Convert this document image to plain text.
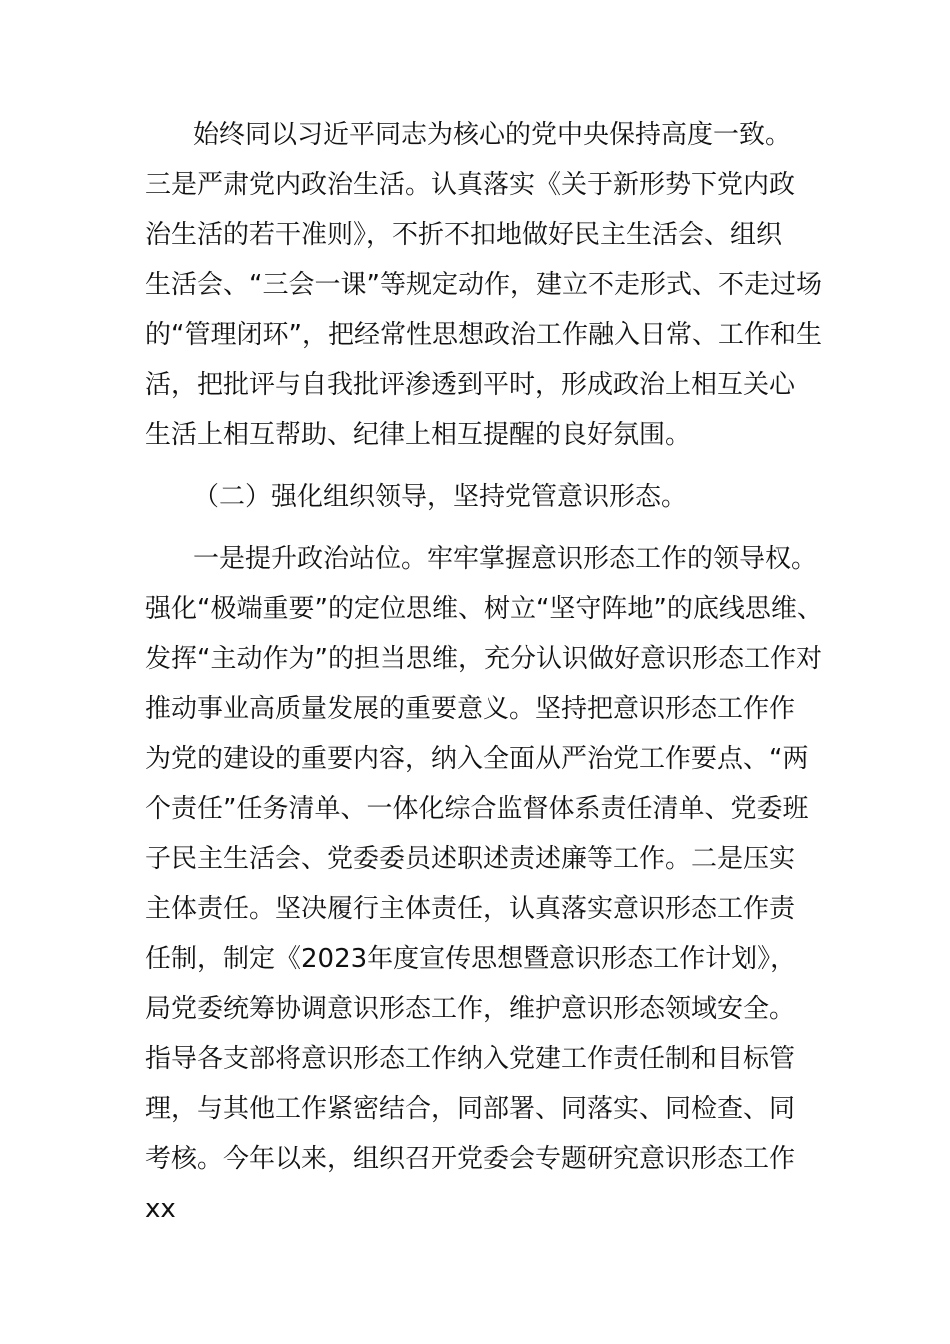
始终同以习近平同志为核心的党中央保持高度一致。
三是严肃党内政治生活。认真落实《关于新形势下党内政
治生活的若干准则》，不折不扣地做好民主生活会、组织
生活会、“三会一课”等规定动作，建立不走形式、不走过场
的“管理闭环”，把经常性思想政治工作融入日常、工作和生
活，把批评与自我批评渗透到平时，形成政治上相互关心
生活上相互帮助、纪律上相互提醒的良好氛围。
（二）强化组织领导，坚持党管意识形态。
一是提升政治站位。牢牢掌握意识形态工作的领导权。
强化“极端重要”的定位思维、树立“坚守阵地”的底线思维、
发挥“主动作为”的担当思维，充分认识做好意识形态工作对
推动事业高质量发展的重要意义。坚持把意识形态工作作
为党的建设的重要内容，纳入全面从严治党工作要点、“两
个责任”任务清单、一体化综合监督体系责任清单、党委班
子民主生活会、党委委员述职述责述廉等工作。二是压实
主体责任。坚决履行主体责任，认真落实意识形态工作责
任制，制定《2023年度宣传思想暨意识形态工作计划》，
局党委统筹协调意识形态工作，维护意识形态领域安全。
指导各支部将意识形态工作纳入党建工作责任制和目标管
理，与其他工作紧密结合，同部署、同落实、同检查、同
考核。今年以来，组织召开党委会专题研究意识形态工作
xx
